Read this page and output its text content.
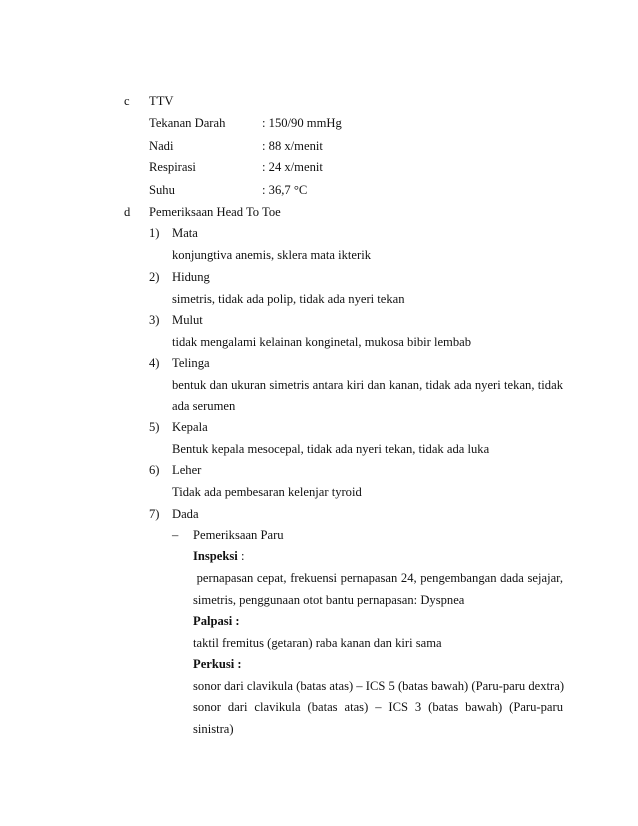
c TTV
Tekanan Darah	: 150/90 mmHg
Nadi	: 88 x/menit
Respirasi	: 24 x/menit
Suhu	: 36,7 °C
d Pemeriksaan Head To Toe
1) Mata
konjungtiva anemis, sklera mata ikterik
2) Hidung
simetris, tidak ada polip, tidak ada nyeri tekan
3) Mulut
tidak mengalami kelainan konginetal, mukosa bibir lembab
4) Telinga
bentuk dan ukuran simetris antara kiri dan kanan, tidak ada nyeri tekan, tidak
ada serumen
5) Kepala
Bentuk kepala mesocepal, tidak ada nyeri tekan, tidak ada luka
6) Leher
Tidak ada pembesaran kelenjar tyroid
7) Dada
– Pemeriksaan Paru
Inspeksi :
pernapasan cepat, frekuensi pernapasan 24, pengembangan dada sejajar,
simetris, penggunaan otot bantu pernapasan: Dyspnea
Palpasi :
taktil fremitus (getaran) raba kanan dan kiri sama
Perkusi :
sonor dari clavikula (batas atas) – ICS 5 (batas bawah) (Paru-paru dextra)
sonor dari clavikula (batas atas) – ICS 3 (batas bawah) (Paru-paru
sinistra)
